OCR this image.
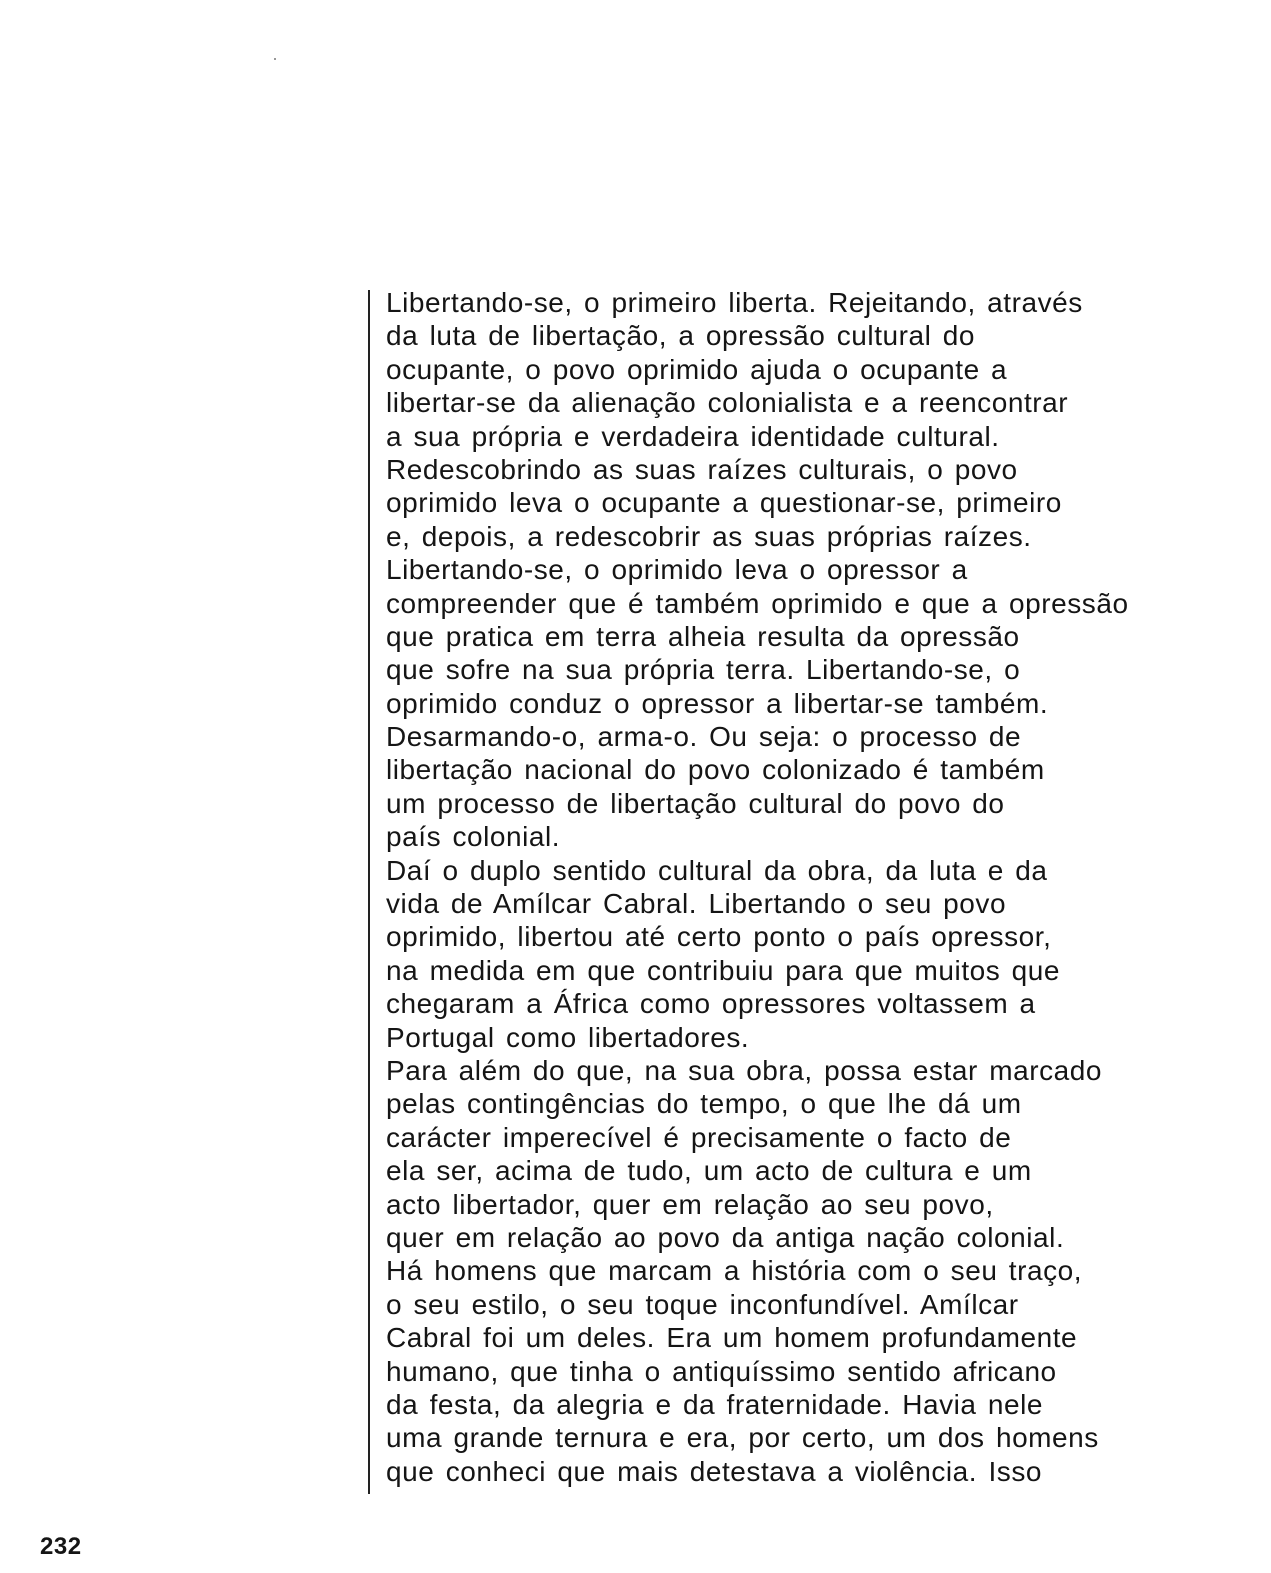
Libertando-se, o primeiro liberta. Rejeitando, através
da luta de libertação, a opressão cultural do
ocupante, o povo oprimido ajuda o ocupante a
libertar-se da alienação colonialista e a reencontrar
a sua própria e verdadeira identidade cultural.
Redescobrindo as suas raízes culturais, o povo
oprimido leva o ocupante a questionar-se, primeiro
e, depois, a redescobrir as suas próprias raízes.
Libertando-se, o oprimido leva o opressor a
compreender que é também oprimido e que a opressão
que pratica em terra alheia resulta da opressão
que sofre na sua própria terra. Libertando-se, o
oprimido conduz o opressor a libertar-se também.
Desarmando-o, arma-o. Ou seja: o processo de
libertação nacional do povo colonizado é também
um processo de libertação cultural do povo do
país colonial.
Daí o duplo sentido cultural da obra, da luta e da
vida de Amílcar Cabral. Libertando o seu povo
oprimido, libertou até certo ponto o país opressor,
na medida em que contribuiu para que muitos que
chegaram a África como opressores voltassem a
Portugal como libertadores.
Para além do que, na sua obra, possa estar marcado
pelas contingências do tempo, o que lhe dá um
carácter imperecível é precisamente o facto de
ela ser, acima de tudo, um acto de cultura e um
acto libertador, quer em relação ao seu povo,
quer em relação ao povo da antiga nação colonial.
Há homens que marcam a história com o seu traço,
o seu estilo, o seu toque inconfundível. Amílcar
Cabral foi um deles. Era um homem profundamente
humano, que tinha o antiquíssimo sentido africano
da festa, da alegria e da fraternidade. Havia nele
uma grande ternura e era, por certo, um dos homens
que conheci que mais detestava a violência. Isso
232
